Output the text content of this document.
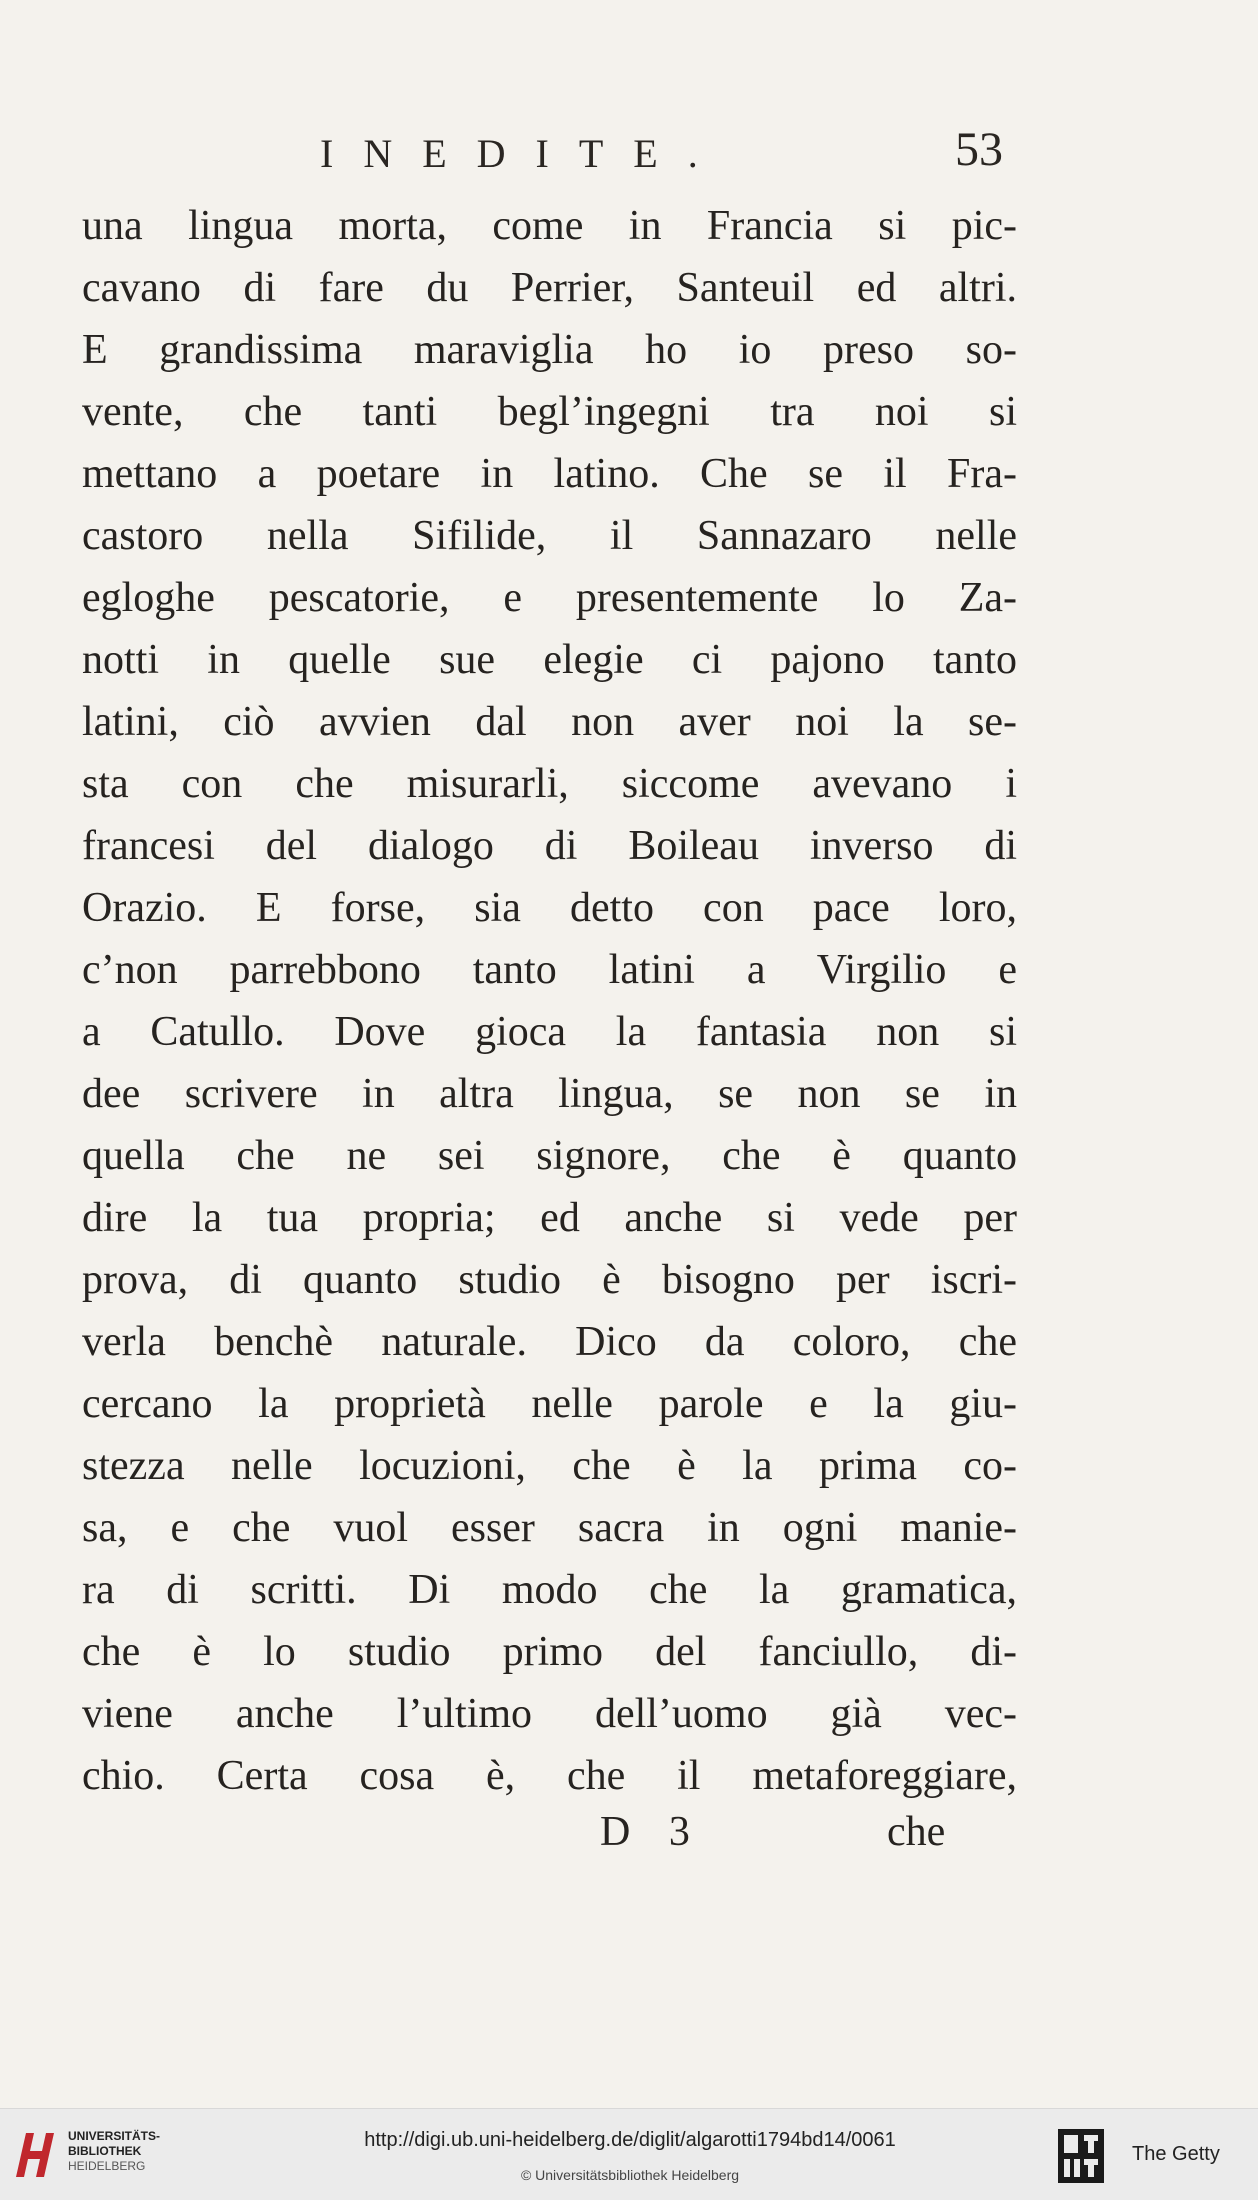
INEDITE.	53
una lingua morta, come in Francia si pic-
cavano di fare du Perrier, Santeuil ed altri.
E grandissima maraviglia ho io preso so-
vente, che tanti begl’ingegni tra noi si
mettano a poetare in latino. Che se il Fra-
castoro nella Sifilide, il Sannazaro nelle
egloghe pescatorie, e presentemente lo Za-
notti in quelle sue elegie ci pajono tanto
latini, ciò avvien dal non aver noi la se-
sta con che misurarli, siccome avevano i
francesi del dialogo di Boileau inverso di
Orazio. E forse, sia detto con pace loro,
c’non parrebbono tanto latini a Virgilio e
a Catullo. Dove gioca la fantasia non si
dee scrivere in altra lingua, se non se in
quella che ne sei signore, che è quanto
dire la tua propria; ed anche si vede per
prova, di quanto studio è bisogno per iscri-
verla benchè naturale. Dico da coloro, che
cercano la proprietà nelle parole e la giu-
stezza nelle locuzioni, che è la prima co-
sa, e che vuol esser sacra in ogni manie-
ra di scritti. Di modo che la gramatica,
che è lo studio primo del fanciullo, di-
viene anche l’ultimo dell’uomo già vec-
chio. Certa cosa è, che il metaforeggiare,
D 3	che
UNIVERSITÄTS-
BIBLIOTHEK
HEIDELBERG
http://digi.ub.uni-heidelberg.de/diglit/algarotti1794bd14/0061
© Universitätsbibliothek Heidelberg
The Getty
